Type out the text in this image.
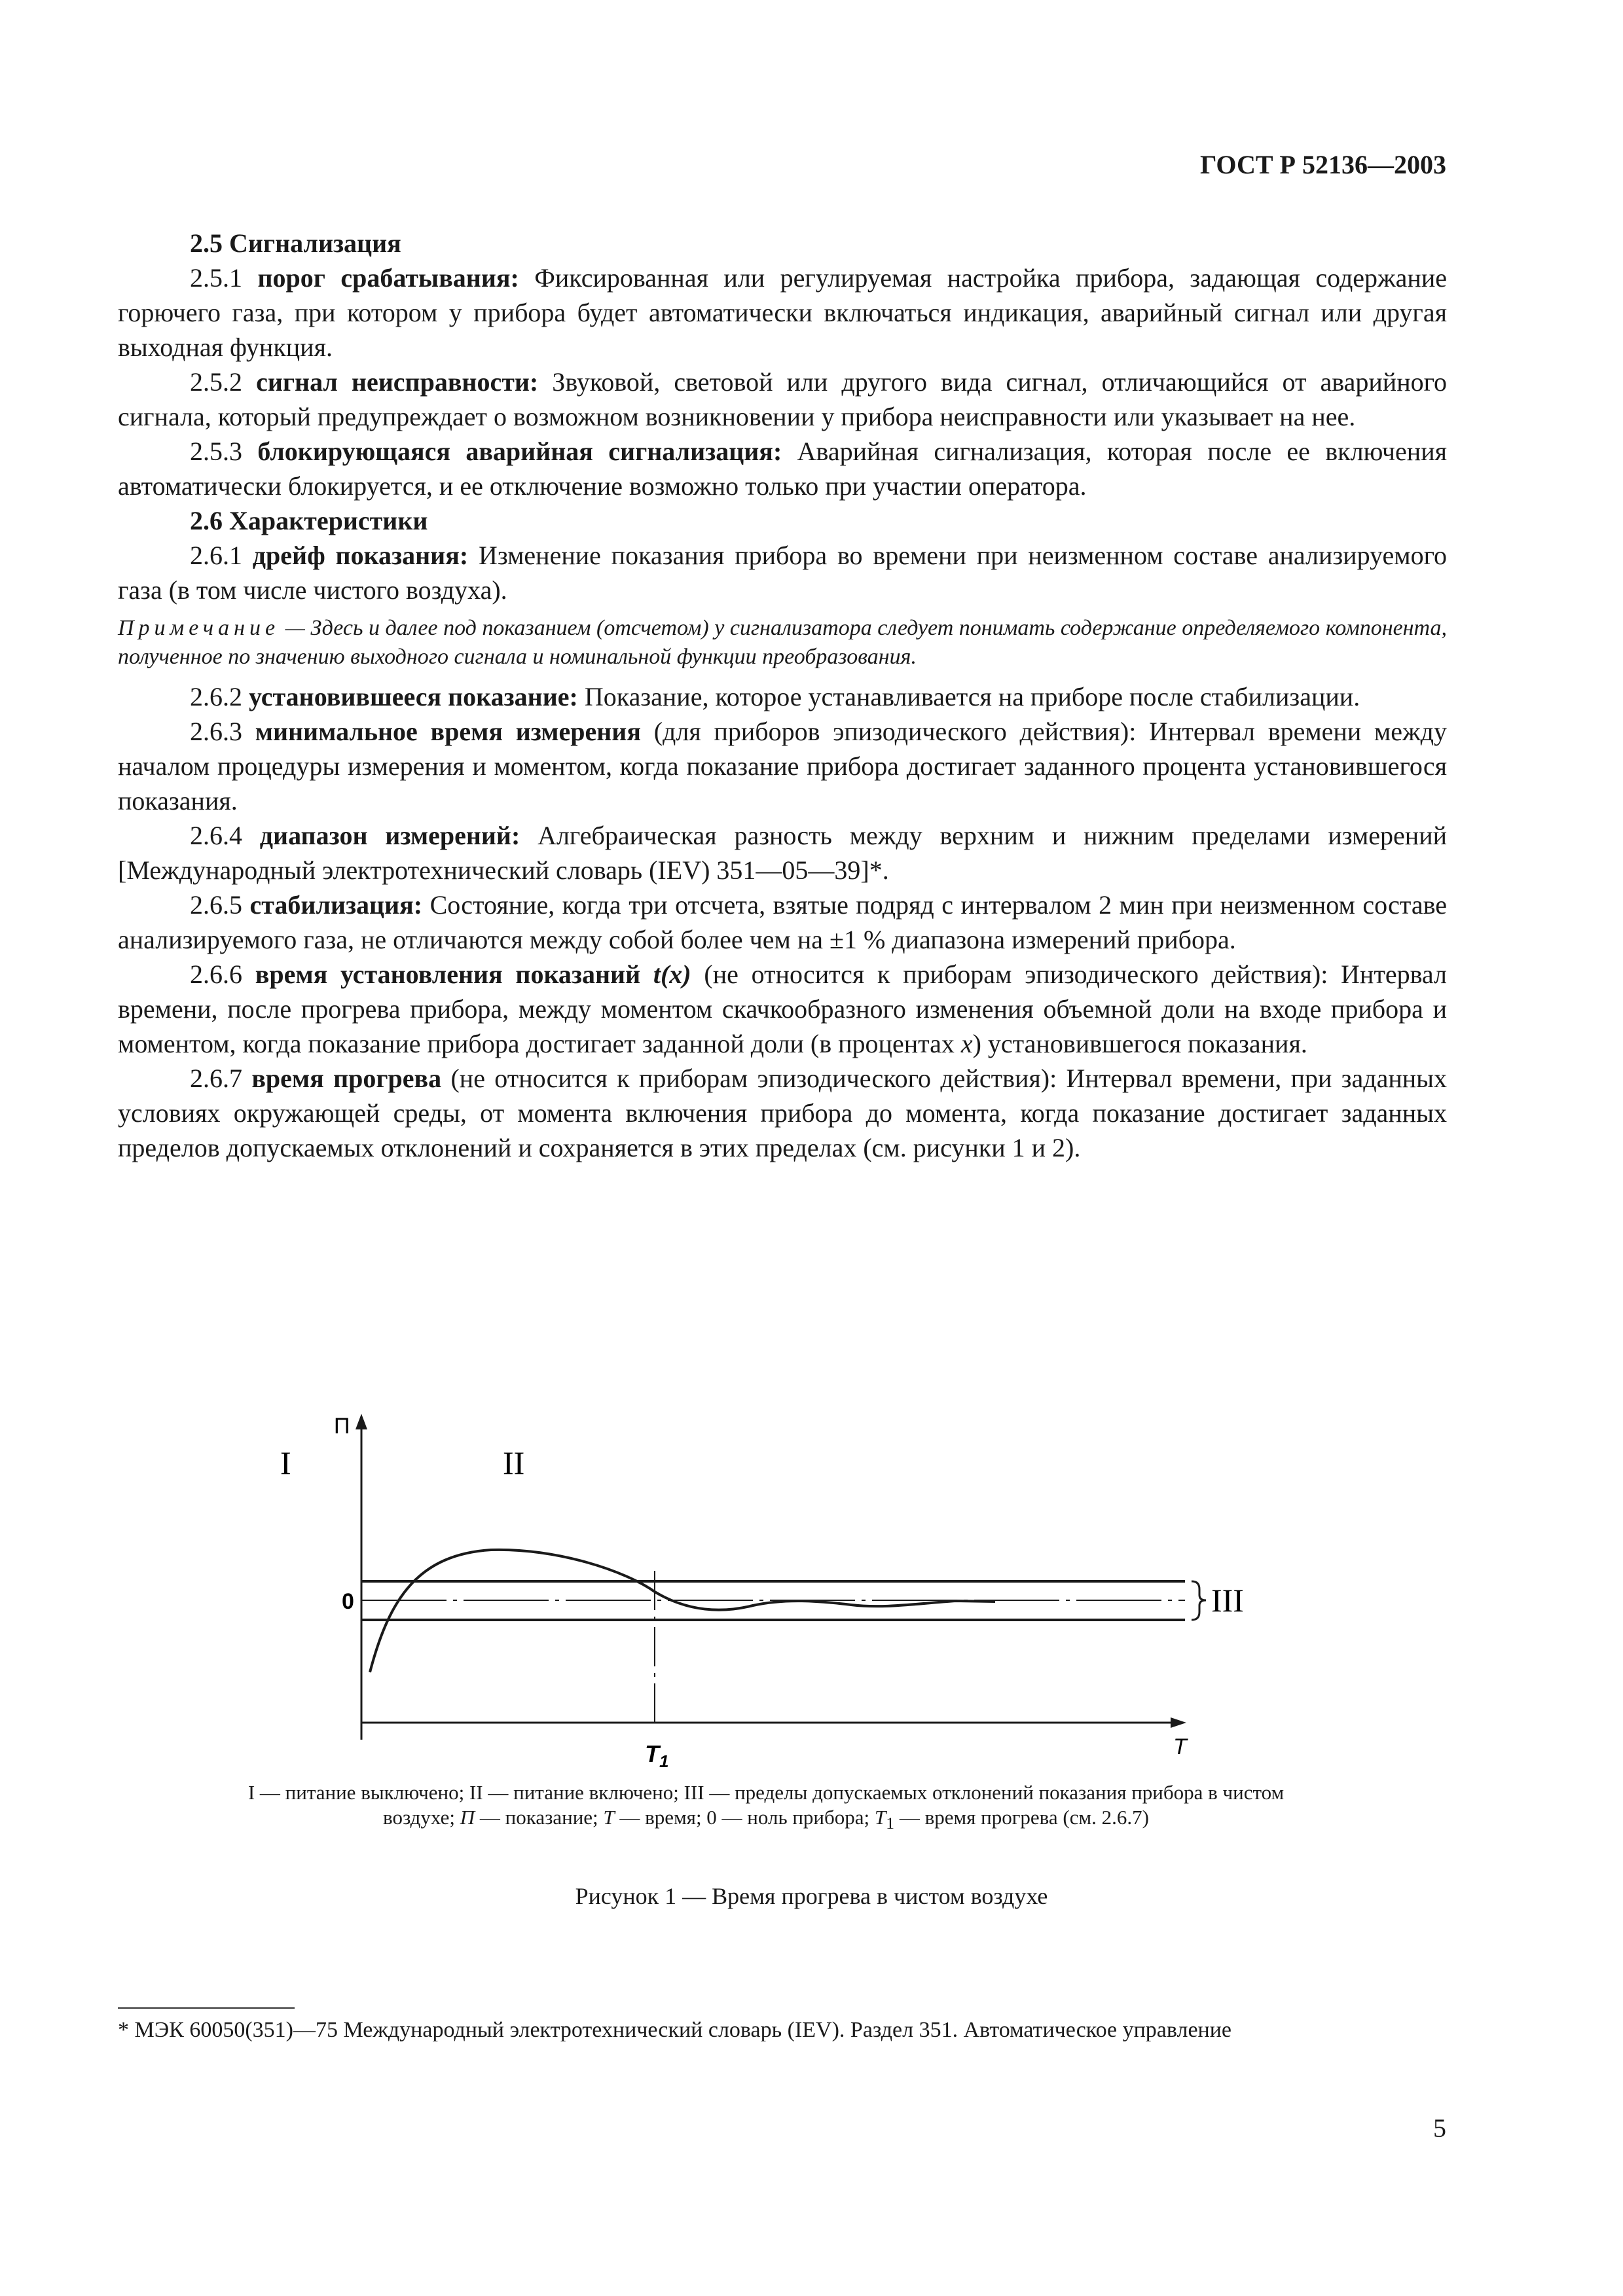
ГОСТ Р 52136—2003

2.5 Сигнализация

2.5.1 порог срабатывания: Фиксированная или регулируемая настройка прибора, задающая содержание горючего газа, при котором у прибора будет автоматически включаться индикация, аварийный сигнал или другая выходная функция.

2.5.2 сигнал неисправности: Звуковой, световой или другого вида сигнал, отличающийся от аварийного сигнала, который предупреждает о возможном возникновении у прибора неисправности или указывает на нее.

2.5.3 блокирующаяся аварийная сигнализация: Аварийная сигнализация, которая после ее включения автоматически блокируется, и ее отключение возможно только при участии оператора.

2.6 Характеристики

2.6.1 дрейф показания: Изменение показания прибора во времени при неизменном составе анализируемого газа (в том числе чистого воздуха).

Примечание — Здесь и далее под показанием (отсчетом) у сигнализатора следует понимать содержание определяемого компонента, полученное по значению выходного сигнала и номинальной функции преобразования.

2.6.2 установившееся показание: Показание, которое устанавливается на приборе после стабилизации.

2.6.3 минимальное время измерения (для приборов эпизодического действия): Интервал времени между началом процедуры измерения и моментом, когда показание прибора достигает заданного процента установившегося показания.

2.6.4 диапазон измерений: Алгебраическая разность между верхним и нижним пределами измерений [Международный электротехнический словарь (IEV) 351—05—39]*.

2.6.5 стабилизация: Состояние, когда три отсчета, взятые подряд с интервалом 2 мин при неизменном составе анализируемого газа, не отличаются между собой более чем на ±1 % диапазона измерений прибора.

2.6.6 время установления показаний t(x) (не относится к приборам эпизодического действия): Интервал времени, после прогрева прибора, между моментом скачкообразного изменения объемной доли на входе прибора и моментом, когда показание прибора достигает заданной доли (в процентах x) установившегося показания.

2.6.7 время прогрева (не относится к приборам эпизодического действия): Интервал времени, при заданных условиях окружающей среды, от момента включения прибора до момента, когда показание достигает заданных пределов допускаемых отклонений и сохраняется в этих пределах (см. рисунки 1 и 2).

П
I	II
0	III
$T_1$
T
I — питание выключено; II — питание включено; III — пределы допускаемых отклонений показания прибора в чистом воздухе; П — показание; T — время; 0 — ноль прибора; $T_1$ — время прогрева (см. 2.6.7)
Рисунок 1 — Время прогрева в чистом воздухе
* МЭК 60050(351)—75 Международный электротехнический словарь (IEV). Раздел 351. Автоматическое управление
5
